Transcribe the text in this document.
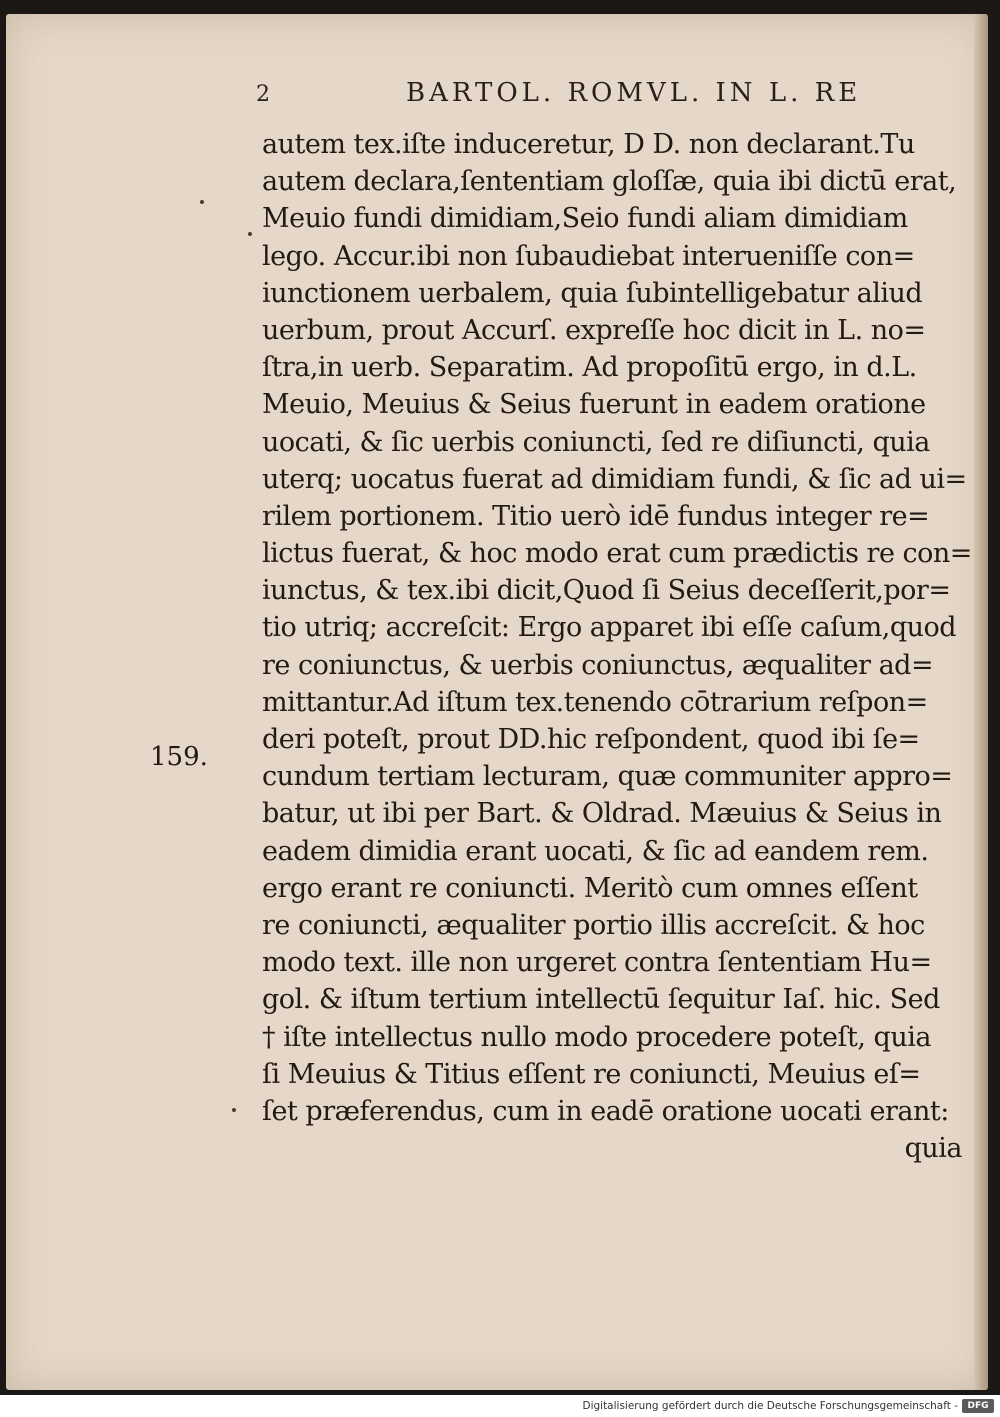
2	BARTOL. ROMVL. IN L. RE
159.
autem tex.iſte induceretur, D D. non declarant.Tu
autem declara,ſententiam gloſſæ, quia ibi dictū erat,
Meuio fundi dimidiam,Seio fundi aliam dimidiam
lego. Accur.ibi non ſubaudiebat interueniſſe con=
iunctionem uerbalem, quia ſubintelligebatur aliud
uerbum, prout Accurſ. expreſſe hoc dicit in L. no=
ſtra,in uerb. Separatim. Ad propoſitū ergo, in d.L.
Meuio, Meuius & Seius fuerunt in eadem oratione
uocati, & ſic uerbis coniuncti, ſed re diſiuncti, quia
uterq; uocatus fuerat ad dimidiam fundi, & ſic ad ui=
rilem portionem. Titio uerò idē fundus integer re=
lictus fuerat, & hoc modo erat cum prædictis re con=
iunctus, & tex.ibi dicit,Quod ſi Seius deceſſerit,por=
tio utriq; accreſcit: Ergo apparet ibi eſſe caſum,quod
re coniunctus, & uerbis coniunctus, æqualiter ad=
mittantur.Ad iſtum tex.tenendo cōtrarium reſpon=
deri poteſt, prout DD.hic reſpondent, quod ibi ſe=
cundum tertiam lecturam, quæ communiter appro=
batur, ut ibi per Bart. & Oldrad. Mæuius & Seius in
eadem dimidia erant uocati, & ſic ad eandem rem.
ergo erant re coniuncti. Meritò cum omnes eſſent
re coniuncti, æqualiter portio illis accreſcit. & hoc
modo text. ille non urgeret contra ſententiam Hu=
gol. & iſtum tertium intellectū ſequitur Iaſ. hic. Sed
† iſte intellectus nullo modo procedere poteſt, quia
ſi Meuius & Titius eſſent re coniuncti, Meuius eſ=
ſet præferendus, cum in eadē oratione uocati erant:
quia
Digitalisierung gefördert durch die Deutsche Forschungsgemeinschaft -	DFG
